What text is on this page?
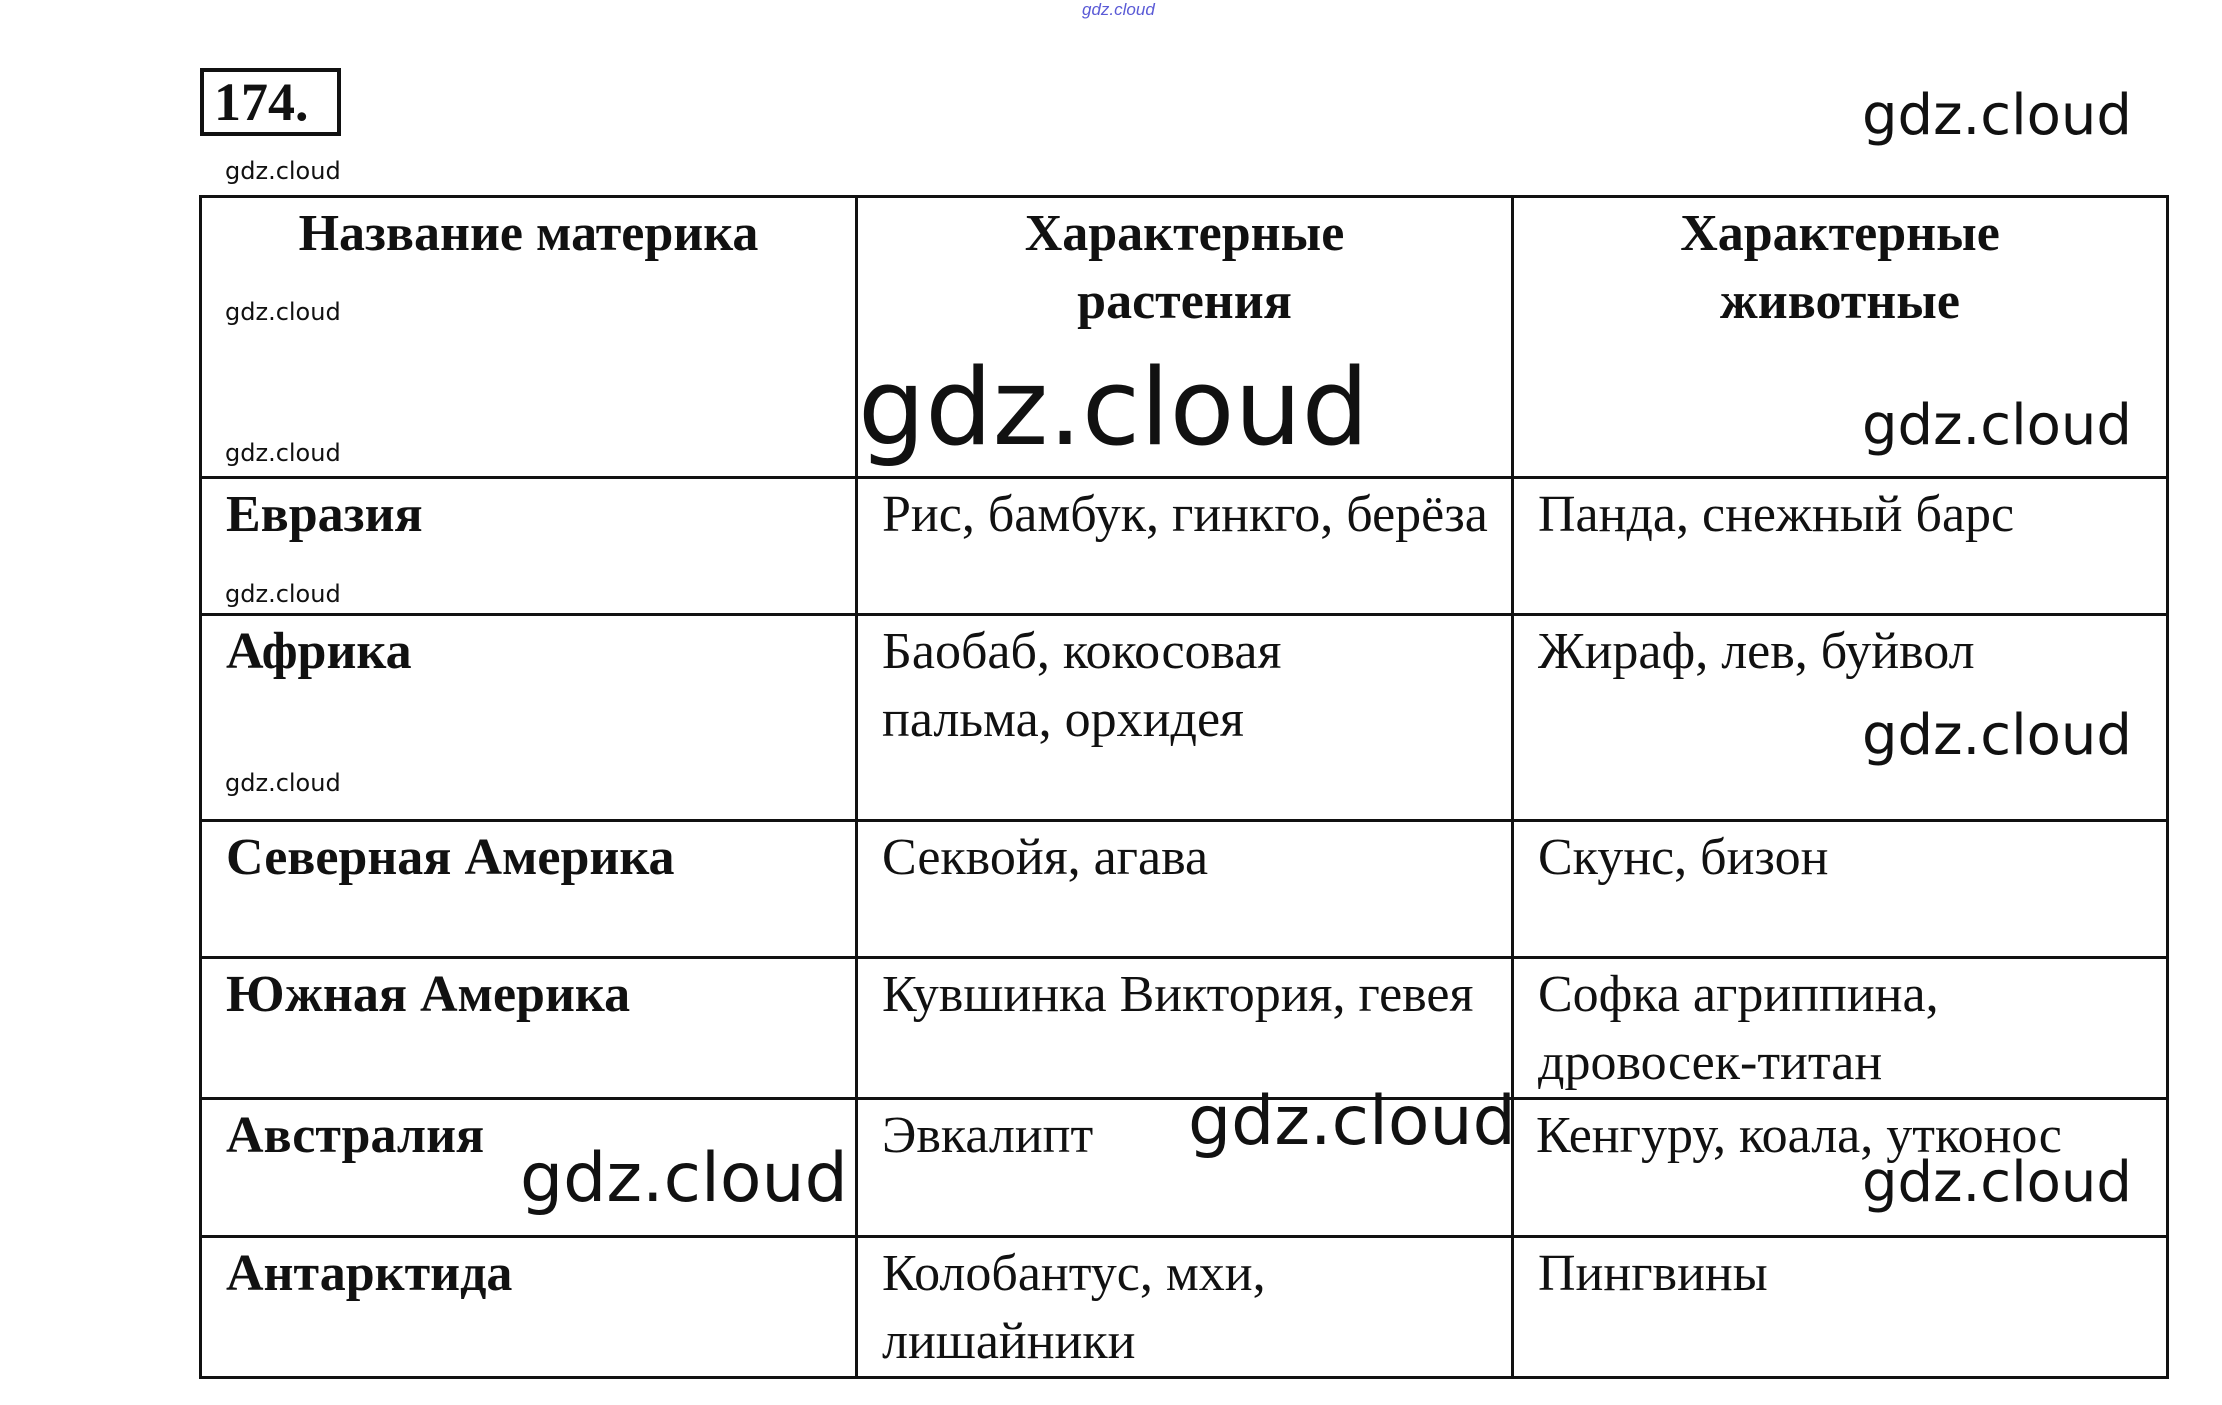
gdz.cloud
174.
Название материка	Характерные растения	Характерные животные

Евразия	Рис, бамбук, гинкго, берёза	Панда, снежный барс
Африка	Баобаб, кокосовая пальма, орхидея	Жираф, лев, буйвол
Северная Америка	Секвойя, агава	Скунс, бизон
Южная Америка	Кувшинка Виктория, гевея	Софка агриппина, дровосек-титан

Австралия	Эвкалипт	Кенгуру, коала, утконос
Антарктида	Колобантус, мхи, лишайники	Пингвины
gdz.cloud
gdz.cloud
gdz.cloud
gdz.cloud	gdz.cloud	gdz.cloud
gdz.cloud
gdz.cloud
gdz.cloud
gdz.cloud
gdz.cloud	gdz.cloud
